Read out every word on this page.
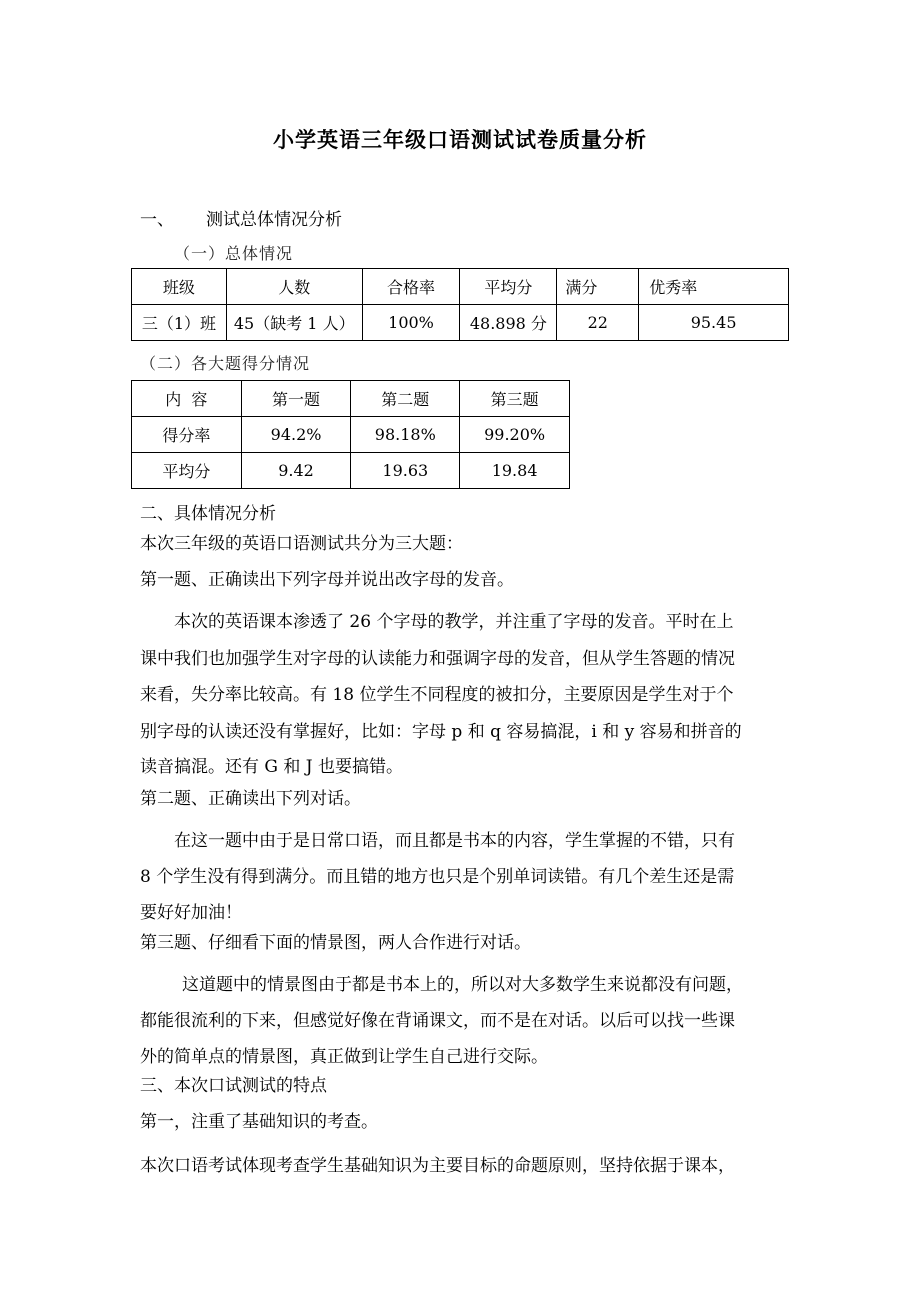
小学英语三年级口语测试试卷质量分析
一、 测试总体情况分析
（一）总体情况
班级	人数	合格率	平均分	满分	优秀率
三（1）班	45（缺考 1 人）	100%	48.898 分	22	95.45
（二）各大题得分情况
内  容	第一题	第二题	第三题
得分率	94.2%	98.18%	99.20%
平均分	9.42	19.63	19.84
二、具体情况分析
本次三年级的英语口语测试共分为三大题：
第一题、正确读出下列字母并说出改字母的发音。
本次的英语课本渗透了 26 个字母的教学，并注重了字母的发音。平时在上
课中我们也加强学生对字母的认读能力和强调字母的发音，但从学生答题的情况
来看，失分率比较高。有 18 位学生不同程度的被扣分，主要原因是学生对于个
别字母的认读还没有掌握好，比如：字母 p 和 q 容易搞混，i 和 y 容易和拼音的
读音搞混。还有 G 和 J 也要搞错。
第二题、正确读出下列对话。
在这一题中由于是日常口语，而且都是书本的内容，学生掌握的不错，只有
8 个学生没有得到满分。而且错的地方也只是个别单词读错。有几个差生还是需
要好好加油！
第三题、仔细看下面的情景图，两人合作进行对话。
这道题中的情景图由于都是书本上的，所以对大多数学生来说都没有问题，
都能很流利的下来，但感觉好像在背诵课文，而不是在对话。以后可以找一些课
外的简单点的情景图，真正做到让学生自己进行交际。
三、本次口试测试的特点
第一，注重了基础知识的考查。
本次口语考试体现考查学生基础知识为主要目标的命题原则，坚持依据于课本，
